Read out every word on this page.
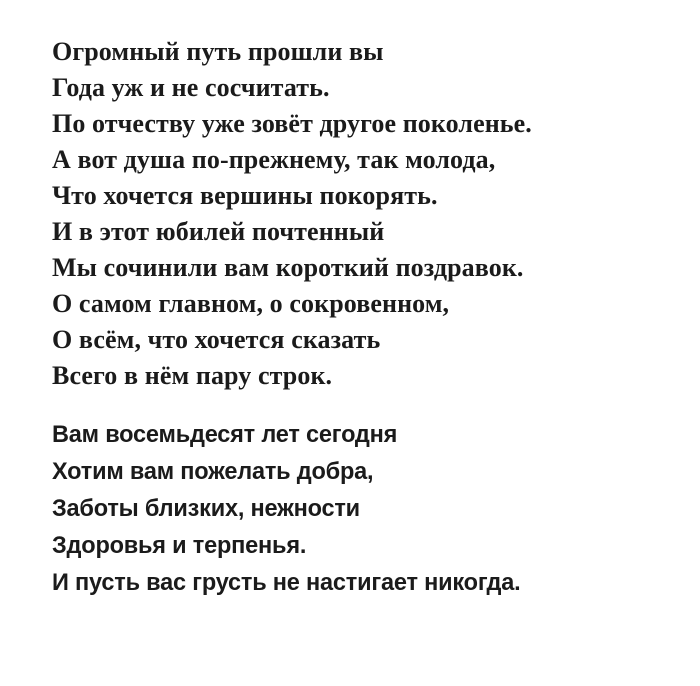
Огромный путь прошли вы
Года уж и не сосчитать.
По отчеству уже зовёт другое поколенье.
А вот душа по-прежнему, так молода,
Что хочется вершины покорять.
И в этот юбилей почтенный
Мы сочинили вам короткий поздравок.
О самом главном, о сокровенном,
О всём, что хочется сказать
Всего в нём пару строк.
Вам восемьдесят лет сегодня
Хотим вам пожелать добра,
Заботы близких, нежности
Здоровья и терпенья.
И пусть вас грусть не настигает никогда.
